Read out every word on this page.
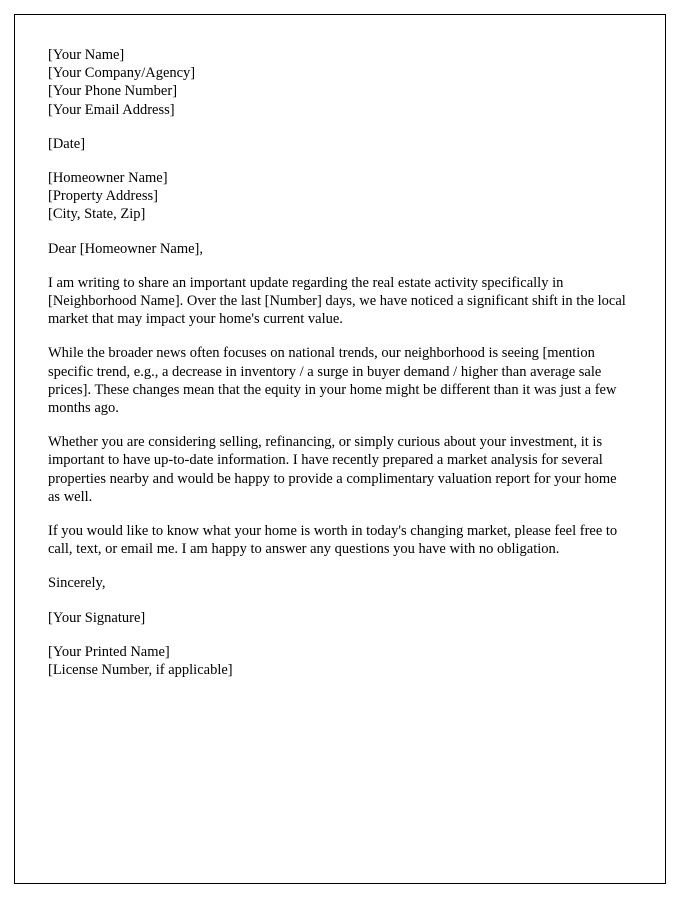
[Your Name]
[Your Company/Agency]
[Your Phone Number]
[Your Email Address]
[Date]
[Homeowner Name]
[Property Address]
[City, State, Zip]
Dear [Homeowner Name],
I am writing to share an important update regarding the real estate activity specifically in [Neighborhood Name]. Over the last [Number] days, we have noticed a significant shift in the local market that may impact your home's current value.
While the broader news often focuses on national trends, our neighborhood is seeing [mention specific trend, e.g., a decrease in inventory / a surge in buyer demand / higher than average sale prices]. These changes mean that the equity in your home might be different than it was just a few months ago.
Whether you are considering selling, refinancing, or simply curious about your investment, it is important to have up-to-date information. I have recently prepared a market analysis for several properties nearby and would be happy to provide a complimentary valuation report for your home as well.
If you would like to know what your home is worth in today's changing market, please feel free to call, text, or email me. I am happy to answer any questions you have with no obligation.
Sincerely,
[Your Signature]
[Your Printed Name]
[License Number, if applicable]
